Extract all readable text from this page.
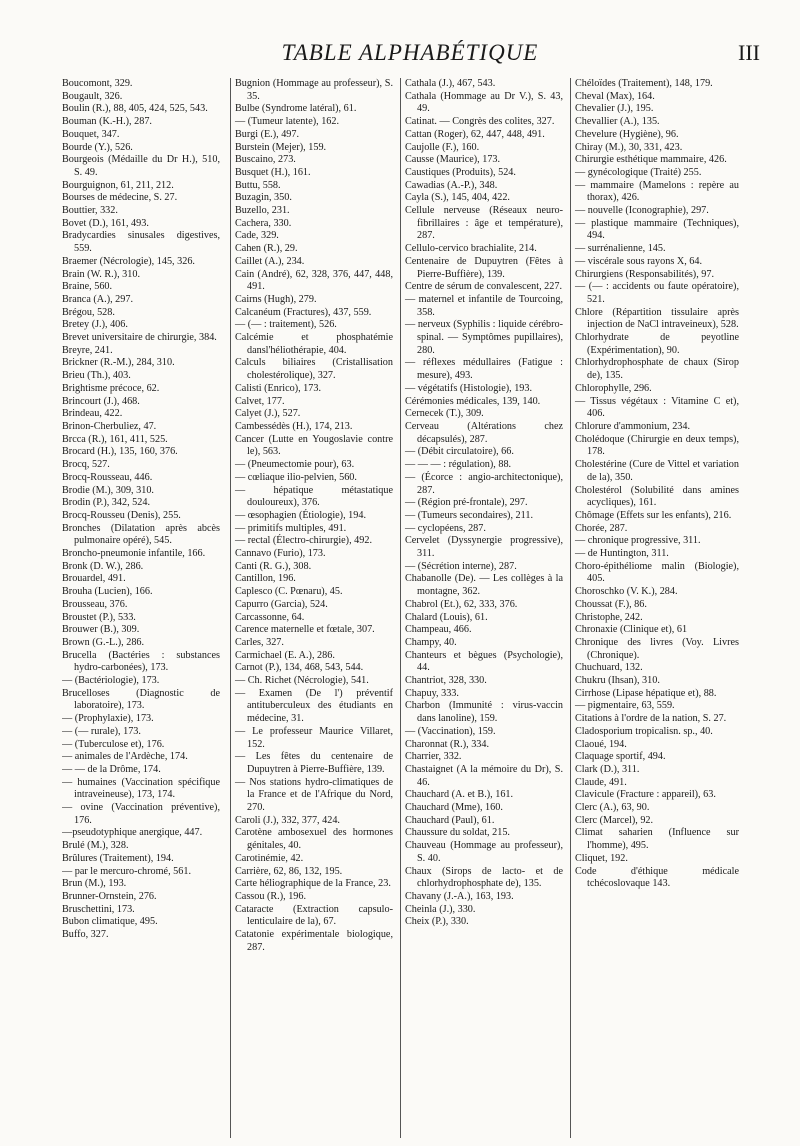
TABLE ALPHABÉTIQUE	III
Boucomont, 329.
Bougault, 326.
Boulin (R.), 88, 405, 424, 525, 543.
Bouman (K.-H.), 287.
Bouquet, 347.
Bourde (Y.), 526.
Bourgeois (Médaille du Dr H.), 510, S. 49.
Bourguignon, 61, 211, 212.
Bourses de médecine, S. 27.
Bouttier, 332.
Bovet (D.), 161, 493.
Bradycardies sinusales digestives, 559.
Braemer (Nécrologie), 145, 326.
Brain (W. R.), 310.
Braine, 560.
Branca (A.), 297.
Brégou, 528.
Bretey (J.), 406.
Brevet universitaire de chirurgie, 384.
Breyre, 241.
Brickner (R.-M.), 284, 310.
Brieu (Th.), 403.
Brightisme précoce, 62.
Brincourt (J.), 468.
Brindeau, 422.
Brinon-Cherbuliez, 47.
Brcca (R.), 161, 411, 525.
Brocard (H.), 135, 160, 376.
Brocq, 527.
Brocq-Rousseau, 446.
Brodie (M.), 309, 310.
Brodin (P.), 342, 524.
Brocq-Rousseu (Denis), 255.
Bronches (Dilatation après abcès pulmonaire opéré), 545.
Broncho-pneumonie infantile, 166.
Bronk (D. W.), 286.
Brouardel, 491.
Brouha (Lucien), 166.
Brousseau, 376.
Broustet (P.), 533.
Brouwer (B.), 309.
Brown (G.-L.), 286.
Brucella (Bactéries : substances hydro-carbonées), 173.
— (Bactériologie), 173.
Brucelloses (Diagnostic de laboratoire), 173.
— (Prophylaxie), 173.
— (— rurale), 173.
— (Tuberculose et), 176.
— animales de l'Ardèche, 174.
— — de la Drôme, 174.
— humaines (Vaccination spécifique intraveineuse), 173, 174.
— ovine (Vaccination préventive), 176.
—pseudotyphique anergique, 447.
Brulé (M.), 328.
Brûlures (Traitement), 194.
— par le mercuro-chromé, 561.
Brun (M.), 193.
Brunner-Ornstein, 276.
Bruschettini, 173.
Bubon climatique, 495.
Buffo, 327.
Bugnion (Hommage au professeur), S. 35.
Bulbe (Syndrome latéral), 61.
— (Tumeur latente), 162.
Burgi (E.), 497.
Burstein (Mejer), 159.
Buscaino, 273.
Busquet (H.), 161.
Buttu, 558.
Buzagin, 350.
Buzello, 231.
Cachera, 330.
Cade, 329.
Cahen (R.), 29.
Caillet (A.), 234.
Cain (André), 62, 328, 376, 447, 448, 491.
Cairns (Hugh), 279.
Calcanéum (Fractures), 437, 559.
— (— : traitement), 526.
Calcémie et phosphatémie dansl'héliothérapie, 404.
Calculs biliaires (Cristallisation cholestérolique), 327.
Calisti (Enrico), 173.
Calvet, 177.
Calyet (J.), 527.
Cambessédès (H.), 174, 213.
Cancer (Lutte en Yougoslavie contre le), 563.
— (Pneumectomie pour), 63.
— cœliaque ilio-pelvien, 560.
— hépatique métastatique douloureux), 376.
— œsophagien (Étiologie), 194.
— primitifs multiples, 491.
— rectal (Électro-chirurgie), 492.
Cannavo (Furio), 173.
Canti (R. G.), 308.
Cantillon, 196.
Caplesco (C. Pœnaru), 45.
Capurro (Garcia), 524.
Carcassonne, 64.
Carence maternelle et fœtale, 307.
Carles, 327.
Carmichael (E. A.), 286.
Carnot (P.), 134, 468, 543, 544.
— Ch. Richet (Nécrologie), 541.
— Examen (De l') préventif antituberculeux des étudiants en médecine, 31.
— Le professeur Maurice Villaret, 152.
— Les fêtes du centenaire de Dupuytren à Pierre-Buffière, 139.
— Nos stations hydro-climatiques de la France et de l'Afrique du Nord, 270.
Caroli (J.), 332, 377, 424.
Carotène ambosexuel des hormones génitales, 40.
Carotinémie, 42.
Carrière, 62, 86, 132, 195.
Carte héliographique de la France, 23.
Cassou (R.), 196.
Cataracte (Extraction capsulo-lenticulaire de la), 67.
Catatonie expérimentale biologique, 287.
Cathala (J.), 467, 543.
Cathala (Hommage au Dr V.), S. 43, 49.
Catinat. — Congrès des colites, 327.
Cattan (Roger), 62, 447, 448, 491.
Caujolle (F.), 160.
Causse (Maurice), 173.
Caustiques (Produits), 524.
Cawadias (A.-P.), 348.
Cayla (S.), 145, 404, 422.
Cellule nerveuse (Réseaux neuro-fibrillaires : âge et température), 287.
Cellulo-cervico brachialite, 214.
Centenaire de Dupuytren (Fêtes à Pierre-Buffière), 139.
Centre de sérum de convalescent, 227.
— maternel et infantile de Tourcoing, 358.
— nerveux (Syphilis : liquide cérébro-spinal. — Symptômes pupillaires), 280.
— réflexes médullaires (Fatigue : mesure), 493.
— végétatifs (Histologie), 193.
Cérémonies médicales, 139, 140.
Cernecek (T.), 309.
Cerveau (Altérations chez décapsulés), 287.
— (Débit circulatoire), 66.
— — — : régulation), 88.
— (Écorce : angio-architectonique), 287.
— (Région pré-frontale), 297.
— (Tumeurs secondaires), 211.
— cyclopéens, 287.
Cervelet (Dyssynergie progressive), 311.
— (Sécrétion interne), 287.
Chabanolle (De). — Les collèges à la montagne, 362.
Chabrol (Et.), 62, 333, 376.
Chalard (Louis), 61.
Champeau, 466.
Champy, 40.
Chanteurs et bègues (Psychologie), 44.
Chantriot, 328, 330.
Chapuy, 333.
Charbon (Immunité : virus-vaccin dans lanoline), 159.
— (Vaccination), 159.
Charonnat (R.), 334.
Charrier, 332.
Chastaignet (A la mémoire du Dr), S. 46.
Chauchard (A. et B.), 161.
Chauchard (Mme), 160.
Chauchard (Paul), 61.
Chaussure du soldat, 215.
Chauveau (Hommage au professeur), S. 40.
Chaux (Sirops de lacto- et de chlorhydrophosphate de), 135.
Chavany (J.-A.), 163, 193.
Cheinla (J.), 330.
Cheix (P.), 330.
Chéloïdes (Traitement), 148, 179.
Cheval (Max), 164.
Chevalier (J.), 195.
Chevallier (A.), 135.
Chevelure (Hygiène), 96.
Chiray (M.), 30, 331, 423.
Chirurgie esthétique mammaire, 426.
— gynécologique (Traité) 255.
— mammaire (Mamelons : repère au thorax), 426.
— nouvelle (Iconographie), 297.
— plastique mammaire (Techniques), 494.
— surrénalienne, 145.
— viscérale sous rayons X, 64.
Chirurgiens (Responsabilités), 97.
— (— : accidents ou faute opératoire), 521.
Chlore (Répartition tissulaire après injection de NaCl intraveineux), 528.
Chlorhydrate de peyotline (Expérimentation), 90.
Chlorhydrophosphate de chaux (Sirop de), 135.
Chlorophylle, 296.
— Tissus végétaux : Vitamine C et), 406.
Chlorure d'ammonium, 234.
Cholédoque (Chirurgie en deux temps), 178.
Cholestérine (Cure de Vittel et variation de la), 350.
Cholestérol (Solubilité dans amines acycliques), 161.
Chômage (Effets sur les enfants), 216.
Chorée, 287.
— chronique progressive, 311.
— de Huntington, 311.
Choro-épithéliome malin (Biologie), 405.
Choroschko (V. K.), 284.
Choussat (F.), 86.
Christophe, 242.
Chronaxie (Clinique et), 61
Chronique des livres (Voy. Livres (Chronique).
Chuchuard, 132.
Chukru (Ihsan), 310.
Cirrhose (Lipase hépatique et), 88.
— pigmentaire, 63, 559.
Citations à l'ordre de la nation, S. 27.
Cladosporium tropicalisn. sp., 40.
Claoué, 194.
Claquage sportif, 494.
Clark (D.), 311.
Claude, 491.
Clavicule (Fracture : appareil), 63.
Clerc (A.), 63, 90.
Clerc (Marcel), 92.
Climat saharien (Influence sur l'homme), 495.
Cliquet, 192.
Code d'éthique médicale tchécoslovaque 143.
